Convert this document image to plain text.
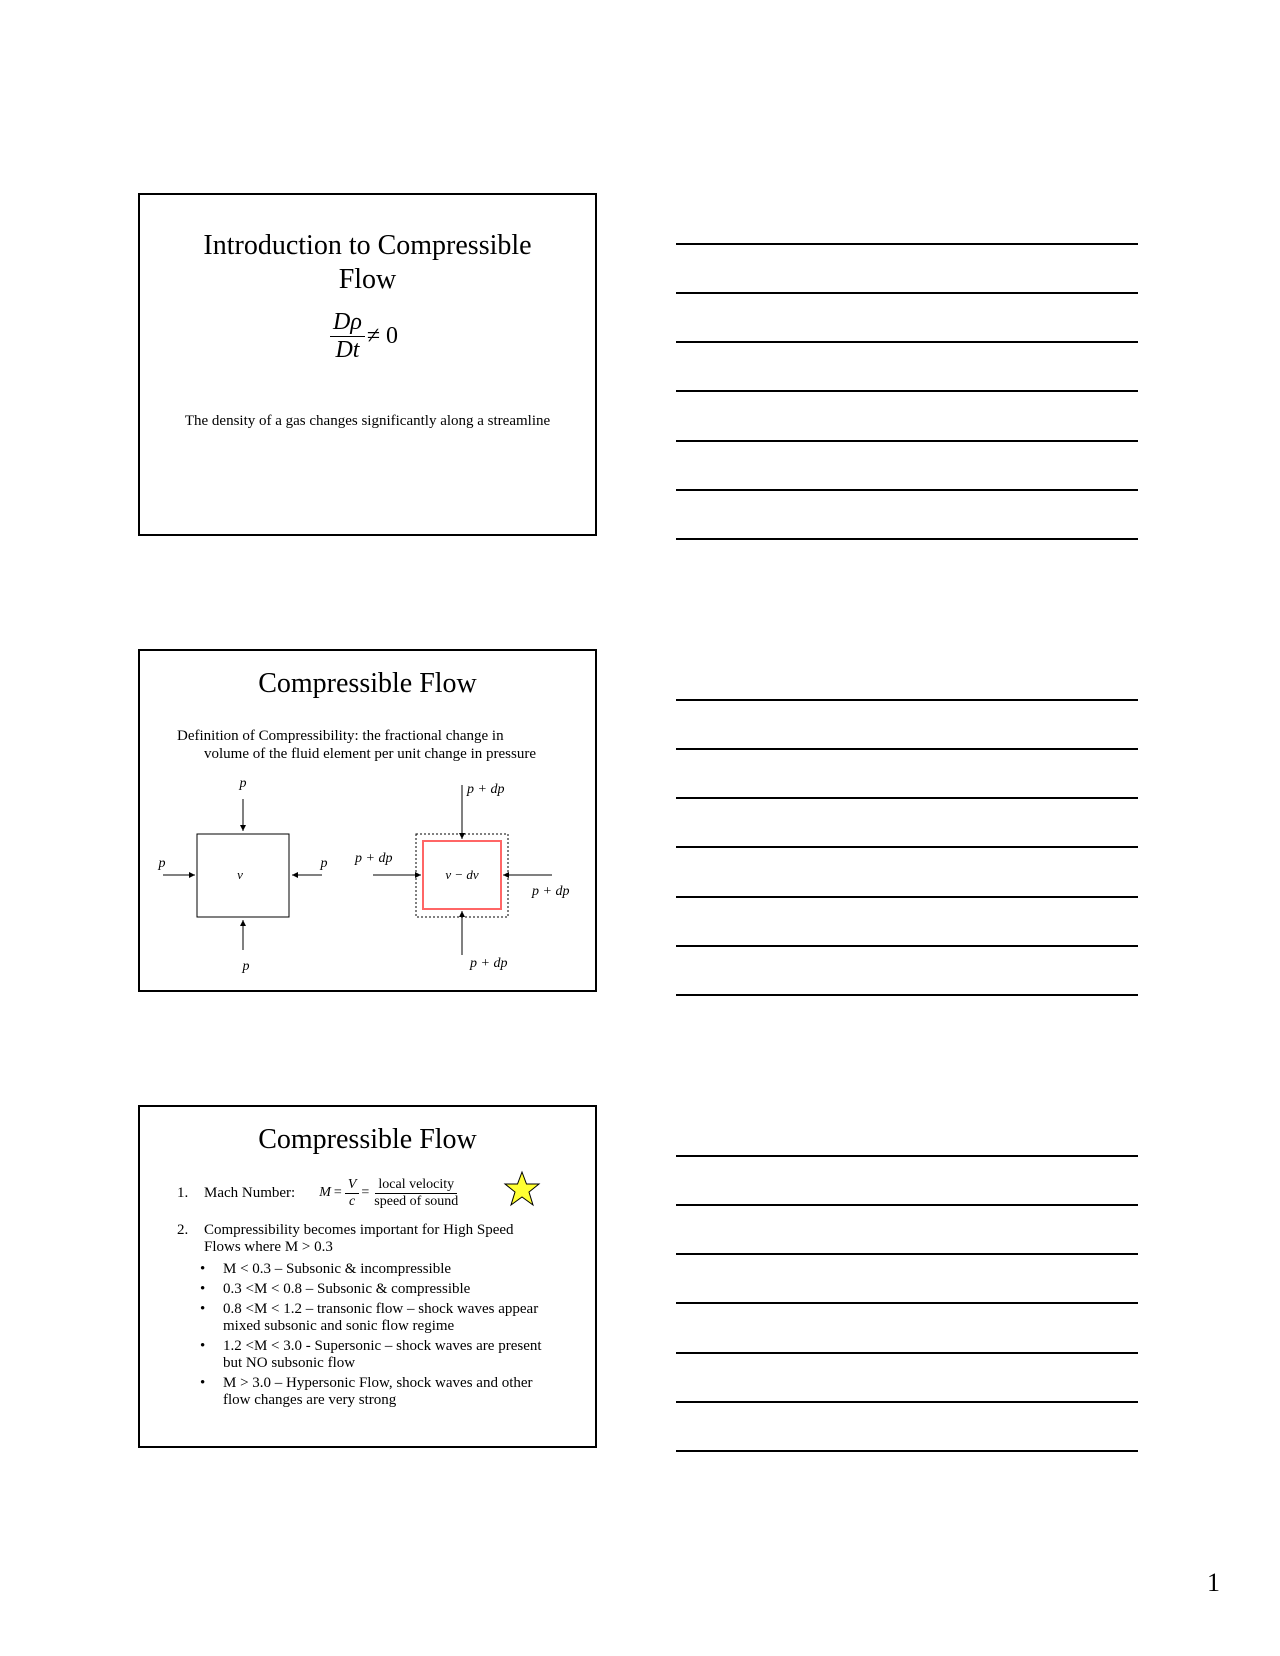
Introduction to Compressible
Flow
$\frac{D\rho}{Dt} \ne 0$
The density of a gas changes significantly along a streamline
Compressible Flow
Definition of Compressibility: the fractional change in
volume of the fluid element per unit change in pressure
p
p	p
p
v
p + dp
p + dp
p + dp
p + dp
v − dv
Compressible Flow
1.	Mach Number: $M = \frac{V}{c} = \frac{\text{local velocity}}{\text{speed of sound}}$
2.	Compressibility becomes important for High Speed
Flows where M > 0.3
• M < 0.3 – Subsonic & incompressible
• 0.3 <M < 0.8 – Subsonic & compressible
• 0.8 <M < 1.2 – transonic flow – shock waves appear
mixed subsonic and sonic flow regime
• 1.2 <M < 3.0 - Supersonic – shock waves are present
but NO subsonic flow
• M > 3.0 – Hypersonic Flow, shock waves and other
flow changes are very strong
1
